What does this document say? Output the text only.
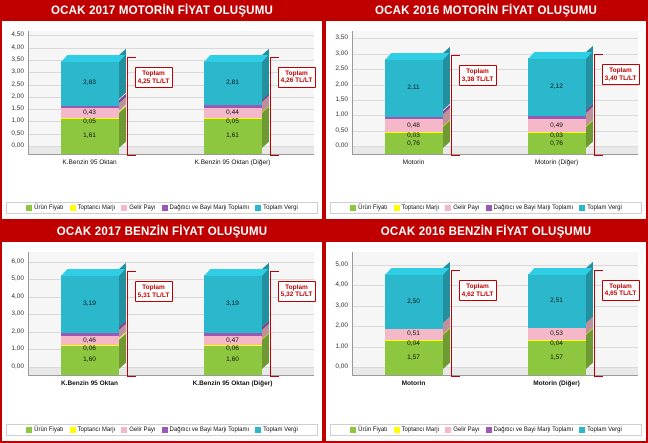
OCAK 2017 MOTORİN FİYAT OLUŞUMU
0,00
0,50
1,00
1,50
2,00
2,50
3,00
3,50
4,00
4,50
1,61
0,05
0,43
2,83
K.Benzin 95 Oktan
Toplam
4,25 TL/LT
1,61
0,05
0,44
2,81
K.Benzin 95 Oktan (Diğer)
Toplam
4,26 TL/LT
Ürün Fiyatı Toptancı Marjı Gelir Payı Dağıtıcı ve Bayi Marjı Toplamı Toplam Vergi
OCAK 2016 MOTORİN FİYAT OLUŞUMU
0,00
0,50
1,00
1,50
2,00
2,50
3,00
3,50
0,76
0,03
0,48
2,11
Motorin
Toplam
3,38 TL/LT
0,76
0,03
0,49
2,12
Motorin (Diğer)
Toplam
3,40 TL/LT
Ürün Fiyatı Toptancı Marjı Gelir Payı Dağıtıcı ve Bayi Marjı Toplamı Toplam Vergi
OCAK 2017 BENZİN FİYAT OLUŞUMU
0,00
1,00
2,00
3,00
4,00
5,00
6,00
1,60
0,06
0,46
3,19
K.Benzin 95 Oktan
Toplam
5,31 TL/LT
1,60
0,06
0,47
3,19
K.Benzin 95 Oktan (Diğer)
Toplam
5,32 TL/LT
Ürün Fiyatı Toptancı Marjı Gelir Payı Dağıtıcı ve Bayi Marjı Toplamı Toplam Vergi
OCAK 2016 BENZİN FİYAT OLUŞUMU
0,00
1,00
2,00
3,00
4,00
5,00
1,57
0,04
0,51
2,50
Motorin
Toplam
4,62 TL/LT
1,57
0,04
0,53
2,51
Motorin (Diğer)
Toplam
4,65 TL/LT
Ürün Fiyatı Toptancı Marjı Gelir Payı Dağıtıcı ve Bayi Marjı Toplamı Toplam Vergi
